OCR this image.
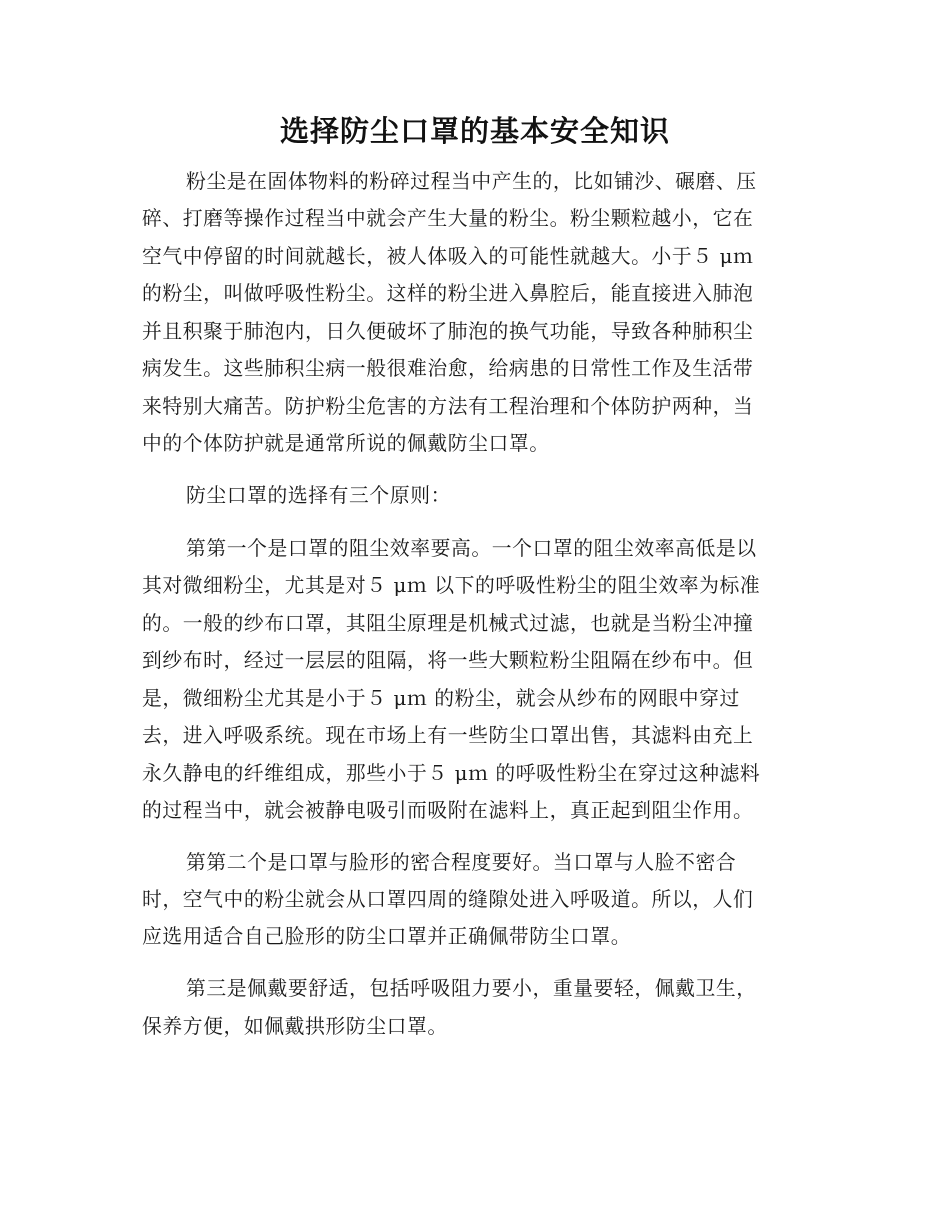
选择防尘口罩的基本安全知识
粉尘是在固体物料的粉碎过程当中产生的，比如铺沙、碾磨、压
碎、打磨等操作过程当中就会产生大量的粉尘。粉尘颗粒越小，它在
空气中停留的时间就越长，被人体吸入的可能性就越大。小于５ μｍ
的粉尘，叫做呼吸性粉尘。这样的粉尘进入鼻腔后，能直接进入肺泡
并且积聚于肺泡内，日久便破坏了肺泡的换气功能，导致各种肺积尘
病发生。这些肺积尘病一般很难治愈，给病患的日常性工作及生活带
来特别大痛苦。防护粉尘危害的方法有工程治理和个体防护两种，当
中的个体防护就是通常所说的佩戴防尘口罩。
防尘口罩的选择有三个原则：
第第一个是口罩的阻尘效率要高。一个口罩的阻尘效率高低是以
其对微细粉尘，尤其是对５ μｍ 以下的呼吸性粉尘的阻尘效率为标准
的。一般的纱布口罩，其阻尘原理是机械式过滤，也就是当粉尘冲撞
到纱布时，经过一层层的阻隔，将一些大颗粒粉尘阻隔在纱布中。但
是，微细粉尘尤其是小于５ μｍ 的粉尘，就会从纱布的网眼中穿过
去，进入呼吸系统。现在市场上有一些防尘口罩出售，其滤料由充上
永久静电的纤维组成，那些小于５ μｍ 的呼吸性粉尘在穿过这种滤料
的过程当中，就会被静电吸引而吸附在滤料上，真正起到阻尘作用。
第第二个是口罩与脸形的密合程度要好。当口罩与人脸不密合
时，空气中的粉尘就会从口罩四周的缝隙处进入呼吸道。所以，人们
应选用适合自己脸形的防尘口罩并正确佩带防尘口罩。
第三是佩戴要舒适，包括呼吸阻力要小，重量要轻，佩戴卫生，
保养方便，如佩戴拱形防尘口罩。
